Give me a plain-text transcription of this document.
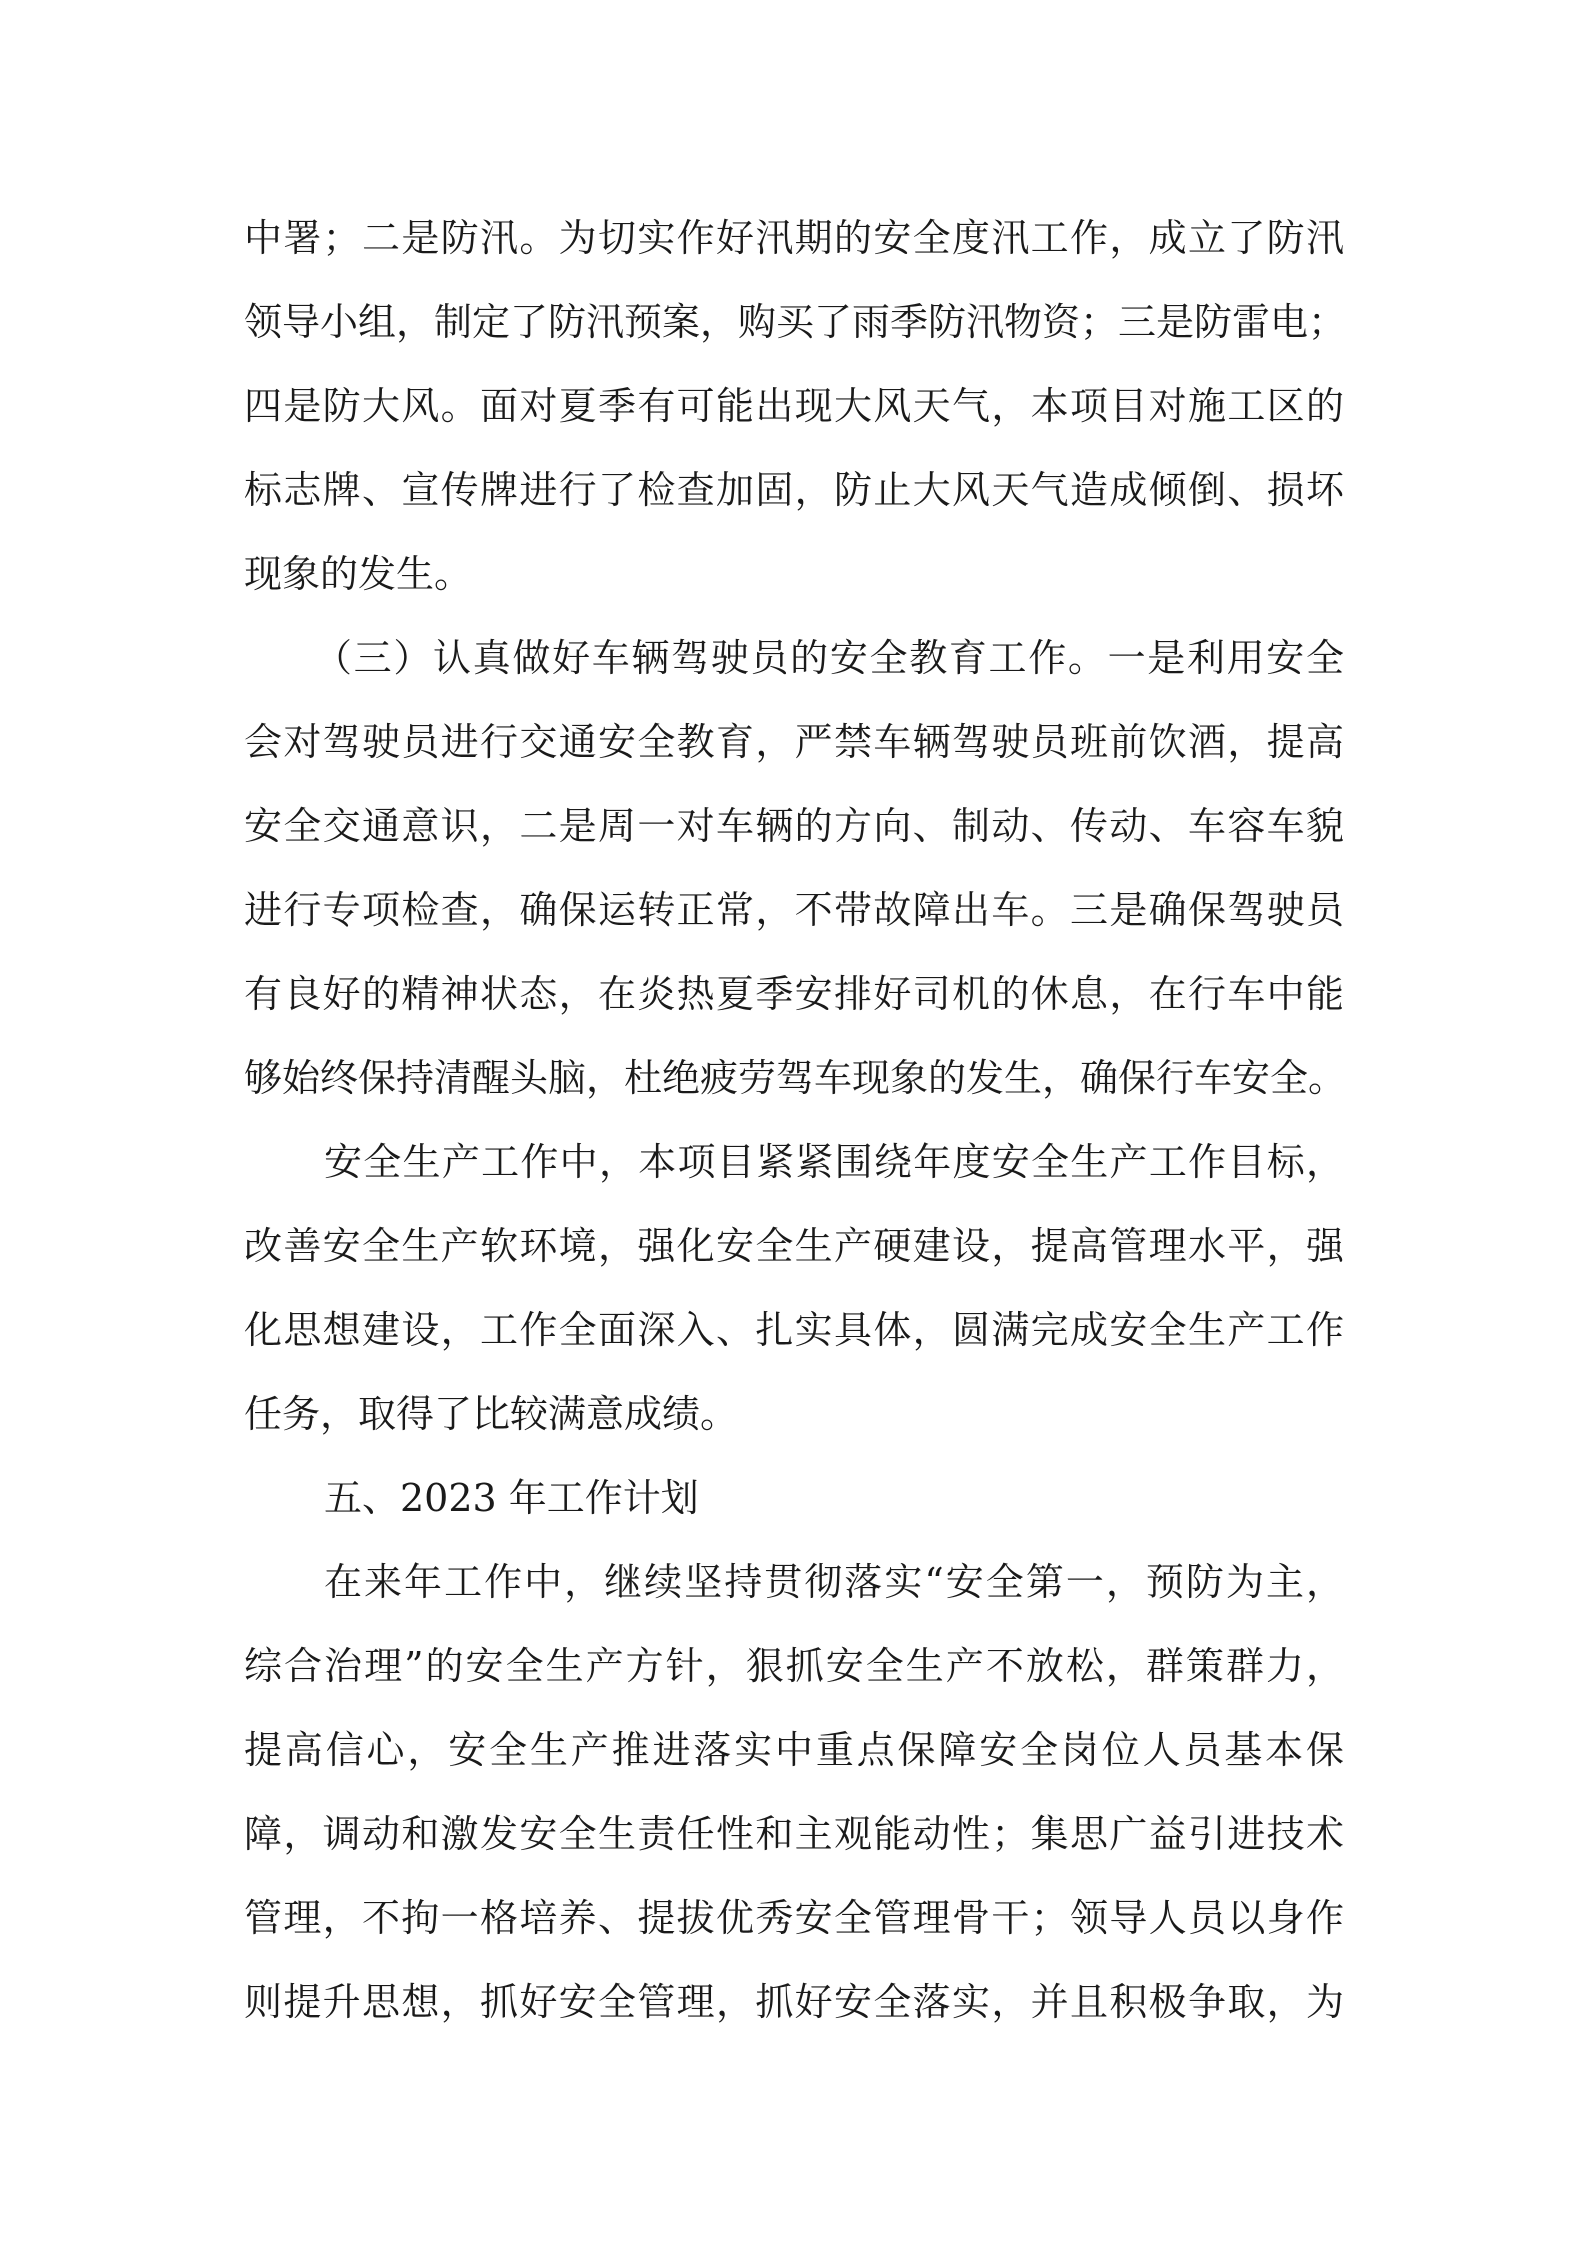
中署；二是防汛。为切实作好汛期的安全度汛工作，成立了防汛
领导小组，制定了防汛预案，购买了雨季防汛物资；三是防雷电；
四是防大风。面对夏季有可能出现大风天气，本项目对施工区的
标志牌、宣传牌进行了检查加固，防止大风天气造成倾倒、损坏
现象的发生。
（三）认真做好车辆驾驶员的安全教育工作。一是利用安全
会对驾驶员进行交通安全教育，严禁车辆驾驶员班前饮酒，提高
安全交通意识，二是周一对车辆的方向、制动、传动、车容车貌
进行专项检查，确保运转正常，不带故障出车。三是确保驾驶员
有良好的精神状态，在炎热夏季安排好司机的休息，在行车中能
够始终保持清醒头脑，杜绝疲劳驾车现象的发生，确保行车安全。
安全生产工作中，本项目紧紧围绕年度安全生产工作目标，
改善安全生产软环境，强化安全生产硬建设，提高管理水平，强
化思想建设，工作全面深入、扎实具体，圆满完成安全生产工作
任务，取得了比较满意成绩。
五、2023 年工作计划
在来年工作中，继续坚持贯彻落实“安全第一，预防为主，
综合治理”的安全生产方针，狠抓安全生产不放松，群策群力，
提高信心，安全生产推进落实中重点保障安全岗位人员基本保
障，调动和激发安全生责任性和主观能动性；集思广益引进技术
管理，不拘一格培养、提拔优秀安全管理骨干；领导人员以身作
则提升思想，抓好安全管理，抓好安全落实，并且积极争取，为
